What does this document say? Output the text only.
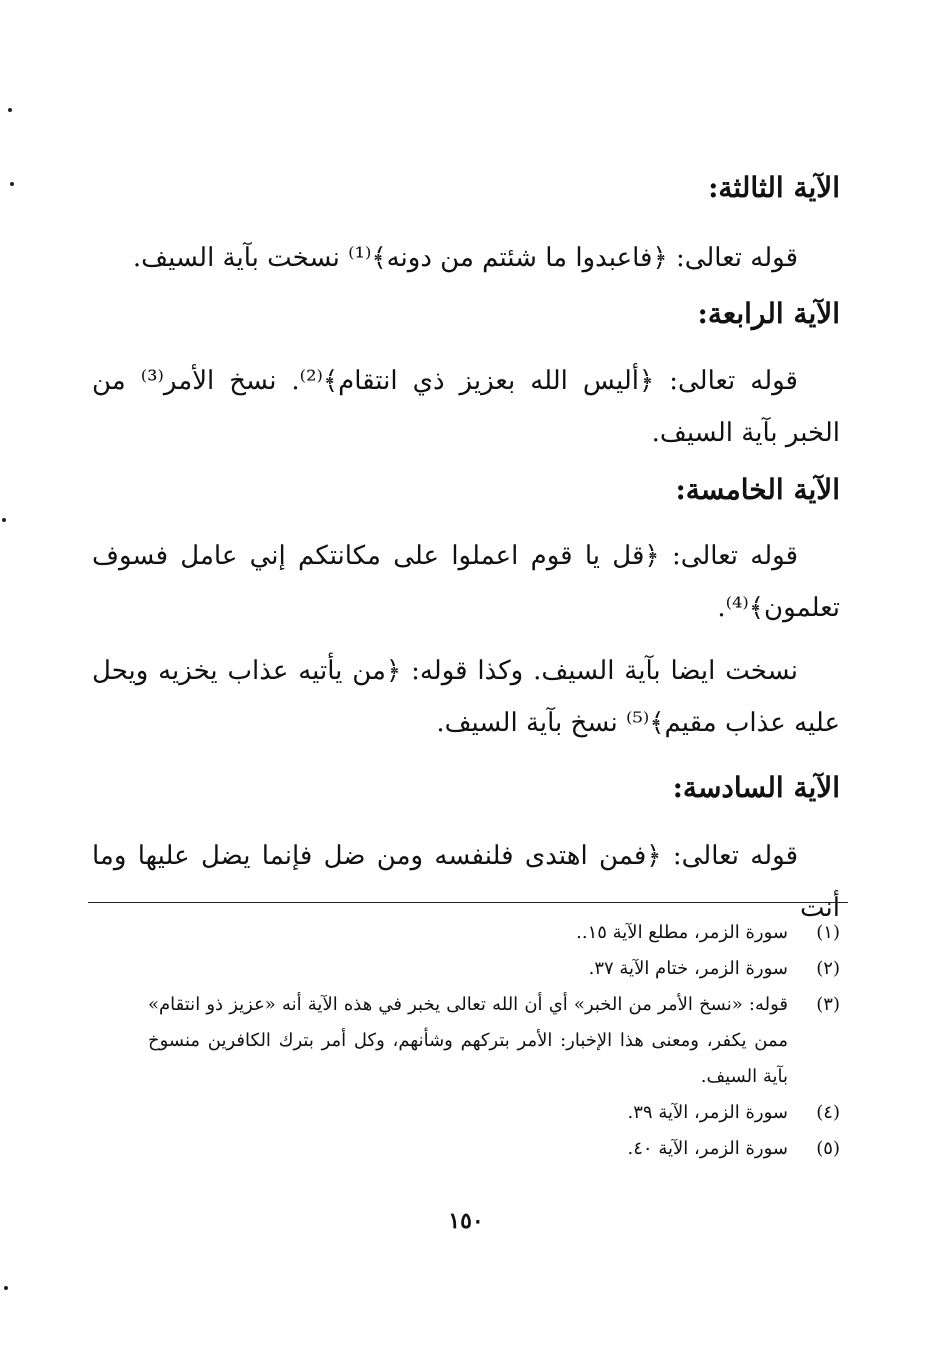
الآية الثالثة:
قوله تعالى: ﴿فاعبدوا ما شئتم من دونه﴾⁽¹⁾ نسخت بآية السيف.
الآية الرابعة:
قوله تعالى: ﴿أليس الله بعزيز ذي انتقام﴾⁽²⁾. نسخ الأمر⁽³⁾ من الخبر بآية السيف.
الآية الخامسة:
قوله تعالى: ﴿قل يا قوم اعملوا على مكانتكم إني عامل فسوف تعلمون﴾⁽⁴⁾.
نسخت ايضا بآية السيف. وكذا قوله: ﴿من يأتيه عذاب يخزيه ويحل عليه عذاب مقيم﴾⁽⁵⁾ نسخ بآية السيف.
الآية السادسة:
قوله تعالى: ﴿فمن اهتدى فلنفسه ومن ضل فإنما يضل عليها وما أنت
(١)
سورة الزمر، مطلع الآية ١٥..
(٢)
سورة الزمر، ختام الآية ٣٧.
(٣)
قوله: «نسخ الأمر من الخبر» أي أن الله تعالى يخبر في هذه الآية أنه «عزيز ذو انتقام» ممن يكفر، ومعنى هذا الإخبار: الأمر بتركهم وشأنهم، وكل أمر بترك الكافرين منسوخ بآية السيف.
(٤)
سورة الزمر، الآية ٣٩.
(٥)
سورة الزمر، الآية ٤٠.
١٥٠
